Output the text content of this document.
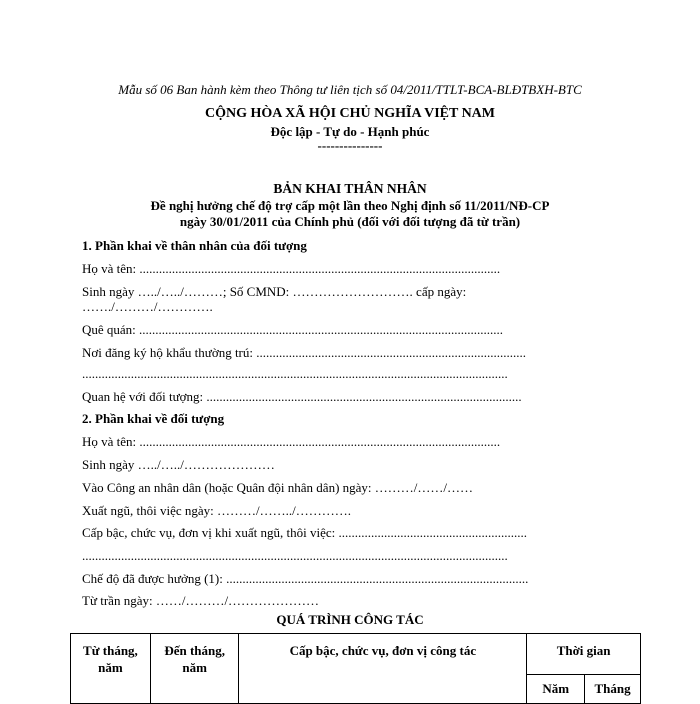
Mẫu số 06 Ban hành kèm theo Thông tư liên tịch số 04/2011/TTLT-BCA-BLĐTBXH-BTC
CỘNG HÒA XÃ HỘI CHỦ NGHĨA VIỆT NAM
Độc lập - Tự do - Hạnh phúc
---------------
BẢN KHAI THÂN NHÂN
Đề nghị hưởng chế độ trợ cấp một lần theo Nghị định số 11/2011/NĐ-CP
ngày 30/01/2011 của Chính phủ (đối với đối tượng đã từ trần)
1. Phần khai về thân nhân của đối tượng
Họ và tên: ...............................................................................................................
Sinh ngày …../…../………; Số CMND: ………………………. cấp ngày:
……./………/………….
Quê quán: ................................................................................................................
Nơi đăng ký hộ khẩu thường trú: ...................................................................................
...................................................................................................................................
Quan hệ với đối tượng: .................................................................................................
2. Phần khai về đối tượng
Họ và tên: ...............................................................................................................
Sinh ngày …../…../…………………
Vào Công an nhân dân (hoặc Quân đội nhân dân) ngày: ………/……/……
Xuất ngũ, thôi việc ngày: ………/……../………….
Cấp bậc, chức vụ, đơn vị khi xuất ngũ, thôi việc: ..........................................................
...................................................................................................................................
Chế độ đã được hưởng (1): .............................................................................................
Từ trần ngày: ……/………/…………………
QUÁ TRÌNH CÔNG TÁC
Từ tháng, năm	Đến tháng, năm	Cấp bậc, chức vụ, đơn vị công tác	Thời gian	
			Năm	Tháng
